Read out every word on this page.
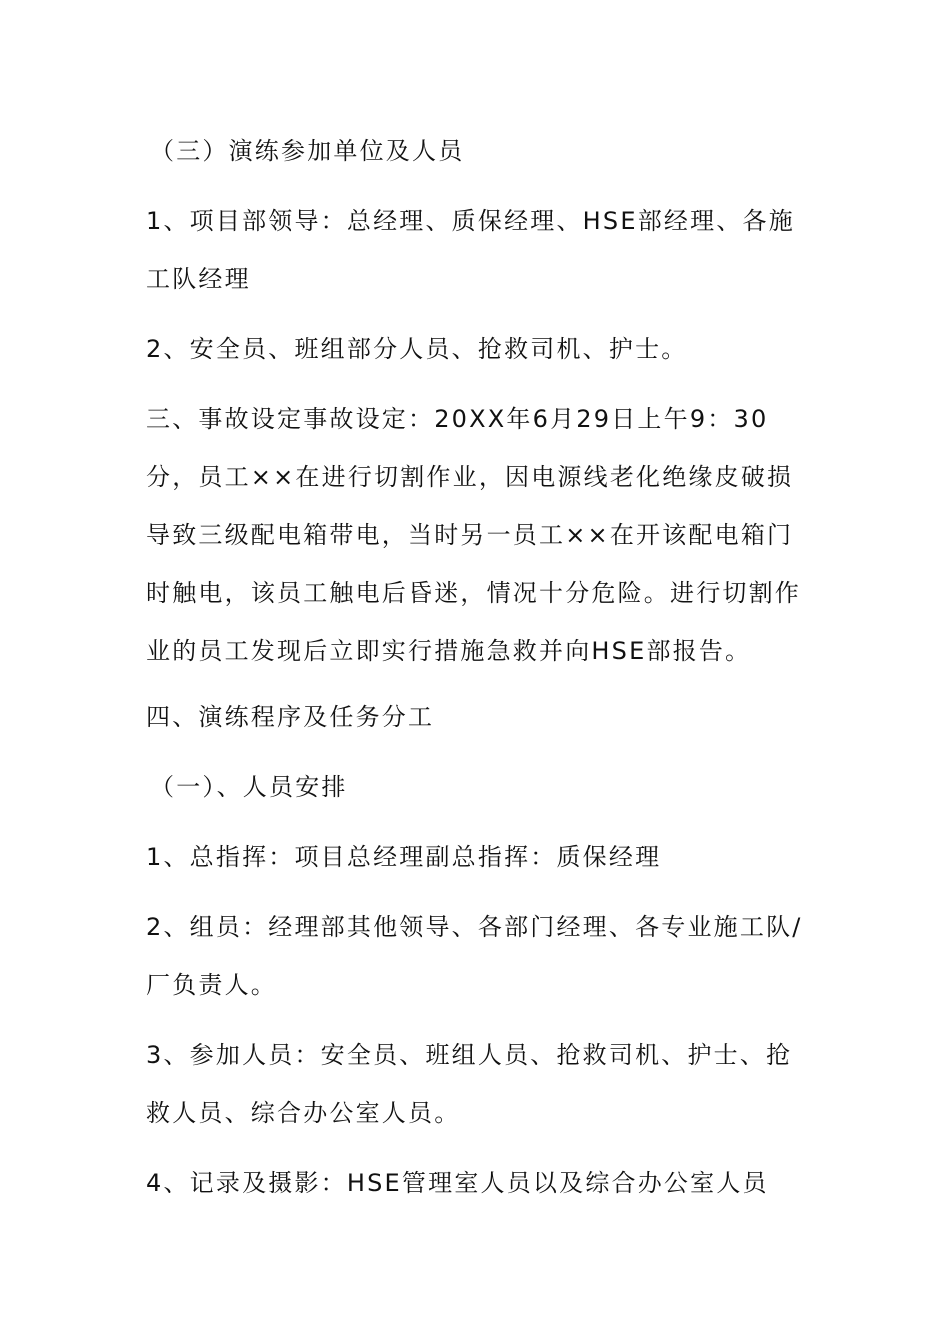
（三）演练参加单位及人员

1、项目部领导：总经理、质保经理、HSE部经理、各施工队经理

2、安全员、班组部分人员、抢救司机、护士。

三、事故设定事故设定：20XX年6月29日上午9：30分，员工××在进行切割作业，因电源线老化绝缘皮破损导致三级配电箱带电，当时另一员工××在开该配电箱门时触电，该员工触电后昏迷，情况十分危险。进行切割作业的员工发现后立即实行措施急救并向HSE部报告。

四、演练程序及任务分工

（一）、人员安排

1、总指挥：项目总经理副总指挥：质保经理

2、组员：经理部其他领导、各部门经理、各专业施工队/厂负责人。

3、参加人员：安全员、班组人员、抢救司机、护士、抢救人员、综合办公室人员。

4、记录及摄影：HSE管理室人员以及综合办公室人员
